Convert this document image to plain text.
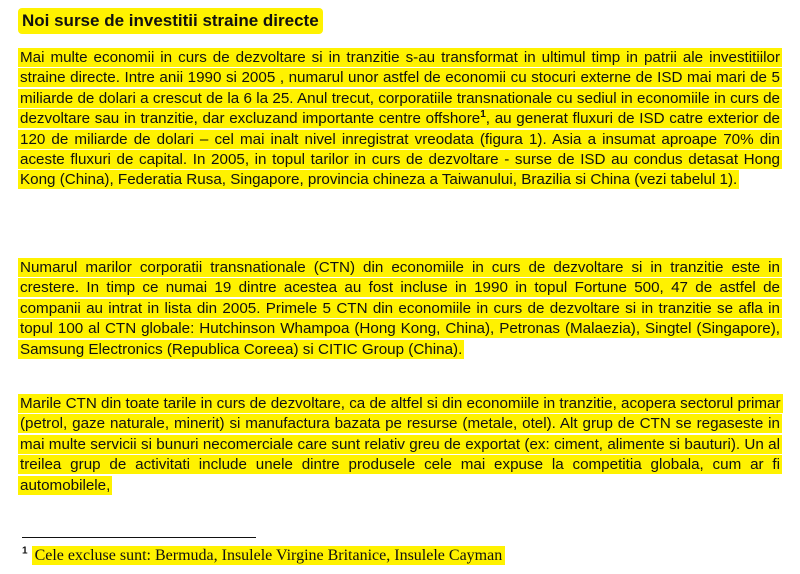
Noi surse de investitii straine directe
Mai multe economii in curs de dezvoltare si in tranzitie s-au transformat in ultimul timp in patrii ale investitiilor straine directe. Intre anii 1990 si 2005 , numarul unor astfel de economii cu stocuri externe de ISD mai mari de 5 miliarde de dolari a crescut de la 6 la 25. Anul trecut, corporatiile transnationale cu sediul in economiile in curs de dezvoltare sau in tranzitie, dar excluzand importante centre offshore$^1$, au generat fluxuri de ISD catre exterior de 120 de miliarde de dolari – cel mai inalt nivel inregistrat vreodata (figura 1). Asia a insumat aproape 70% din aceste fluxuri de capital. In 2005, in topul tarilor in curs de dezvoltare - surse de ISD au condus detasat Hong Kong (China), Federatia Rusa, Singapore, provincia chineza a Taiwanului, Brazilia si China (vezi tabelul 1).
Numarul marilor corporatii transnationale (CTN) din economiile in curs de dezvoltare si in tranzitie este in crestere. In timp ce numai 19 dintre acestea au fost incluse in 1990 in topul Fortune 500, 47 de astfel de companii au intrat in lista din 2005. Primele 5 CTN din economiile in curs de dezvoltare si in tranzitie se afla in topul 100 al CTN globale: Hutchinson Whampoa (Hong Kong, China), Petronas (Malaezia), Singtel (Singapore), Samsung Electronics (Republica Coreea) si CITIC Group (China).
Marile CTN din toate tarile in curs de dezvoltare, ca de altfel si din economiile in tranzitie, acopera sectorul primar (petrol, gaze naturale, minerit) si manufactura bazata pe resurse (metale, otel). Alt grup de CTN se regaseste in mai multe servicii si bunuri necomerciale care sunt relativ greu de exportat (ex: ciment, alimente si bauturi). Un al treilea grup de activitati include unele dintre produsele cele mai expuse la competitia globala, cum ar fi automobilele,
$^1$ Cele excluse sunt: Bermuda, Insulele Virgine Britanice, Insulele Cayman
